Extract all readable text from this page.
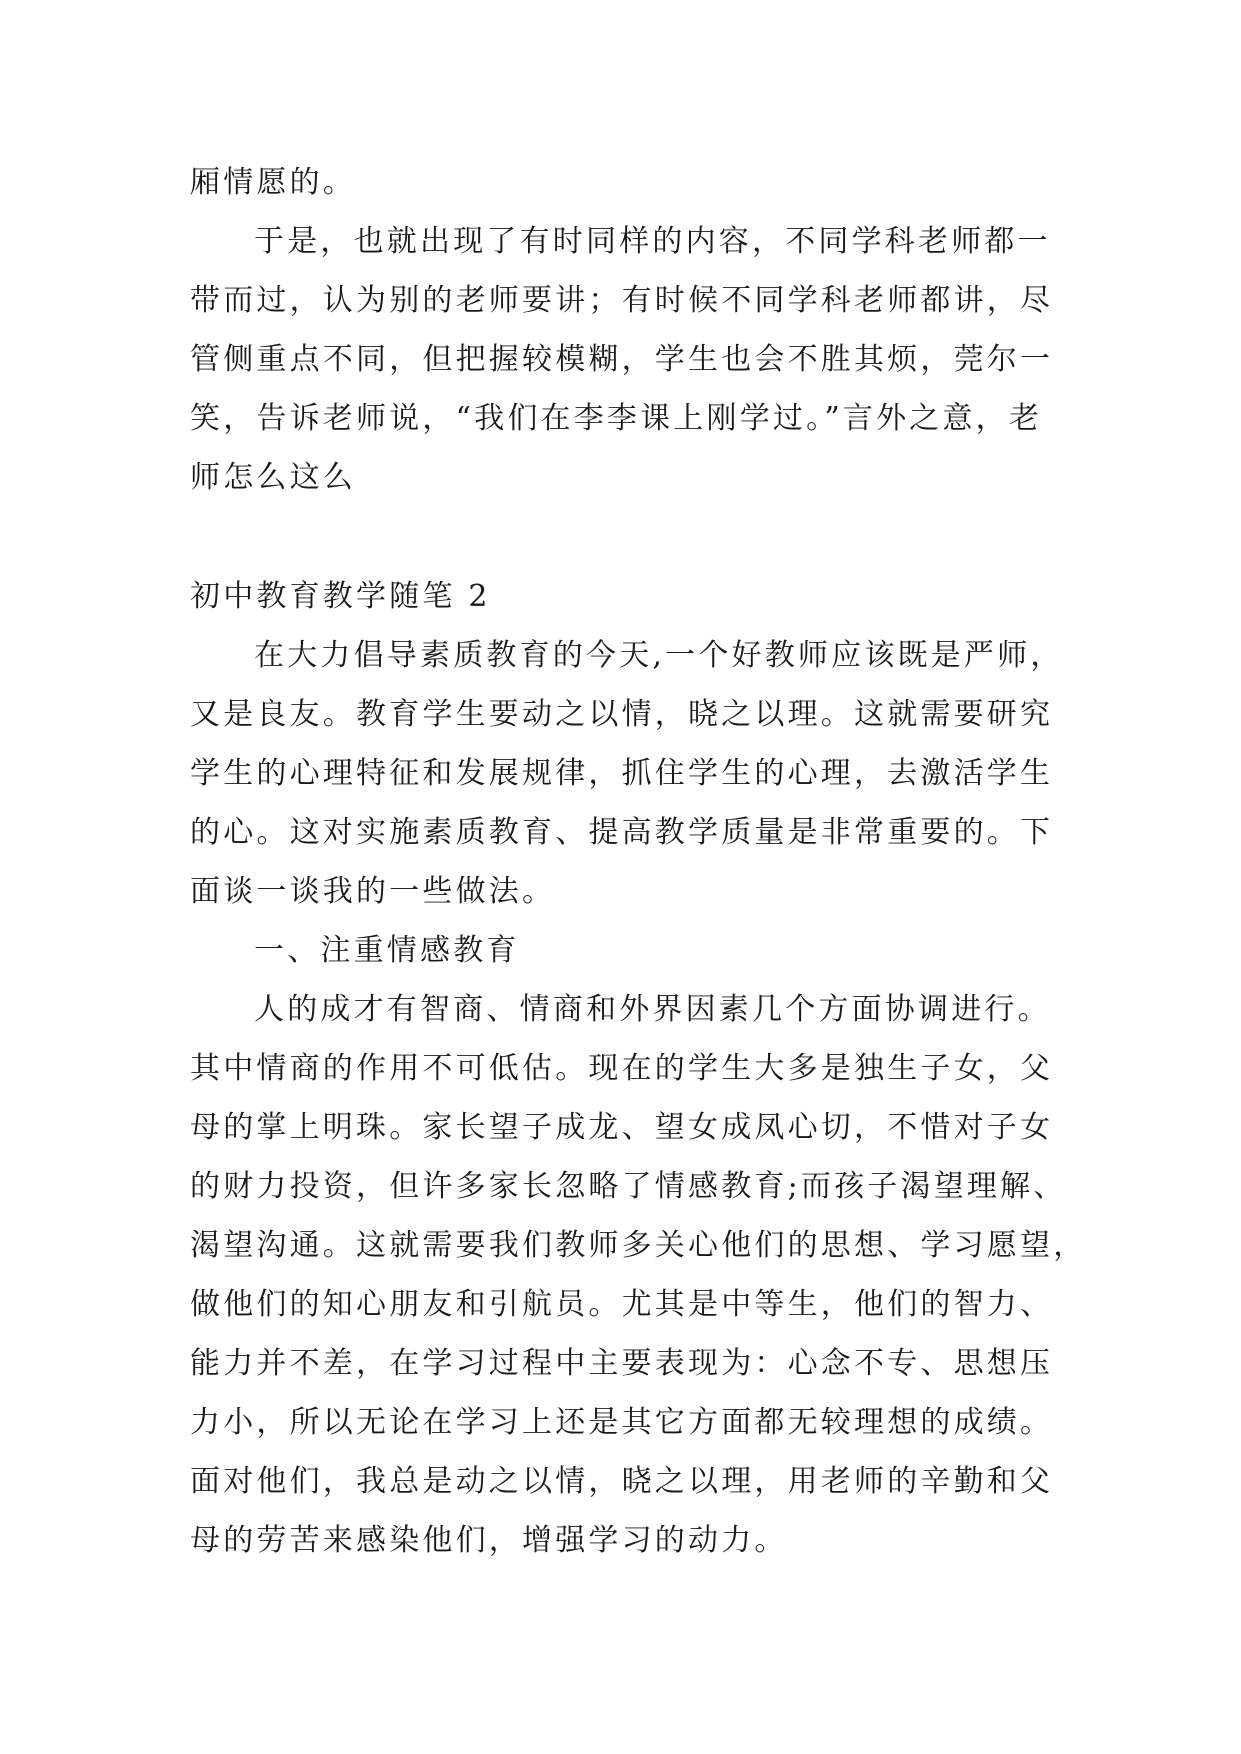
厢情愿的。
于是，也就出现了有时同样的内容，不同学科老师都一
带而过，认为别的老师要讲；有时候不同学科老师都讲，尽
管侧重点不同，但把握较模糊，学生也会不胜其烦，莞尔一
笑，告诉老师说，“我们在李李课上刚学过。”言外之意，老
师怎么这么
初中教育教学随笔 2
在大力倡导素质教育的今天,一个好教师应该既是严师，
又是良友。教育学生要动之以情，晓之以理。这就需要研究
学生的心理特征和发展规律，抓住学生的心理，去激活学生
的心。这对实施素质教育、提高教学质量是非常重要的。下
面谈一谈我的一些做法。
一、注重情感教育
人的成才有智商、情商和外界因素几个方面协调进行。
其中情商的作用不可低估。现在的学生大多是独生子女，父
母的掌上明珠。家长望子成龙、望女成凤心切，不惜对子女
的财力投资，但许多家长忽略了情感教育;而孩子渴望理解、
渴望沟通。这就需要我们教师多关心他们的思想、学习愿望，
做他们的知心朋友和引航员。尤其是中等生，他们的智力、
能力并不差，在学习过程中主要表现为：心念不专、思想压
力小，所以无论在学习上还是其它方面都无较理想的成绩。
面对他们，我总是动之以情，晓之以理，用老师的辛勤和父
母的劳苦来感染他们，增强学习的动力。
